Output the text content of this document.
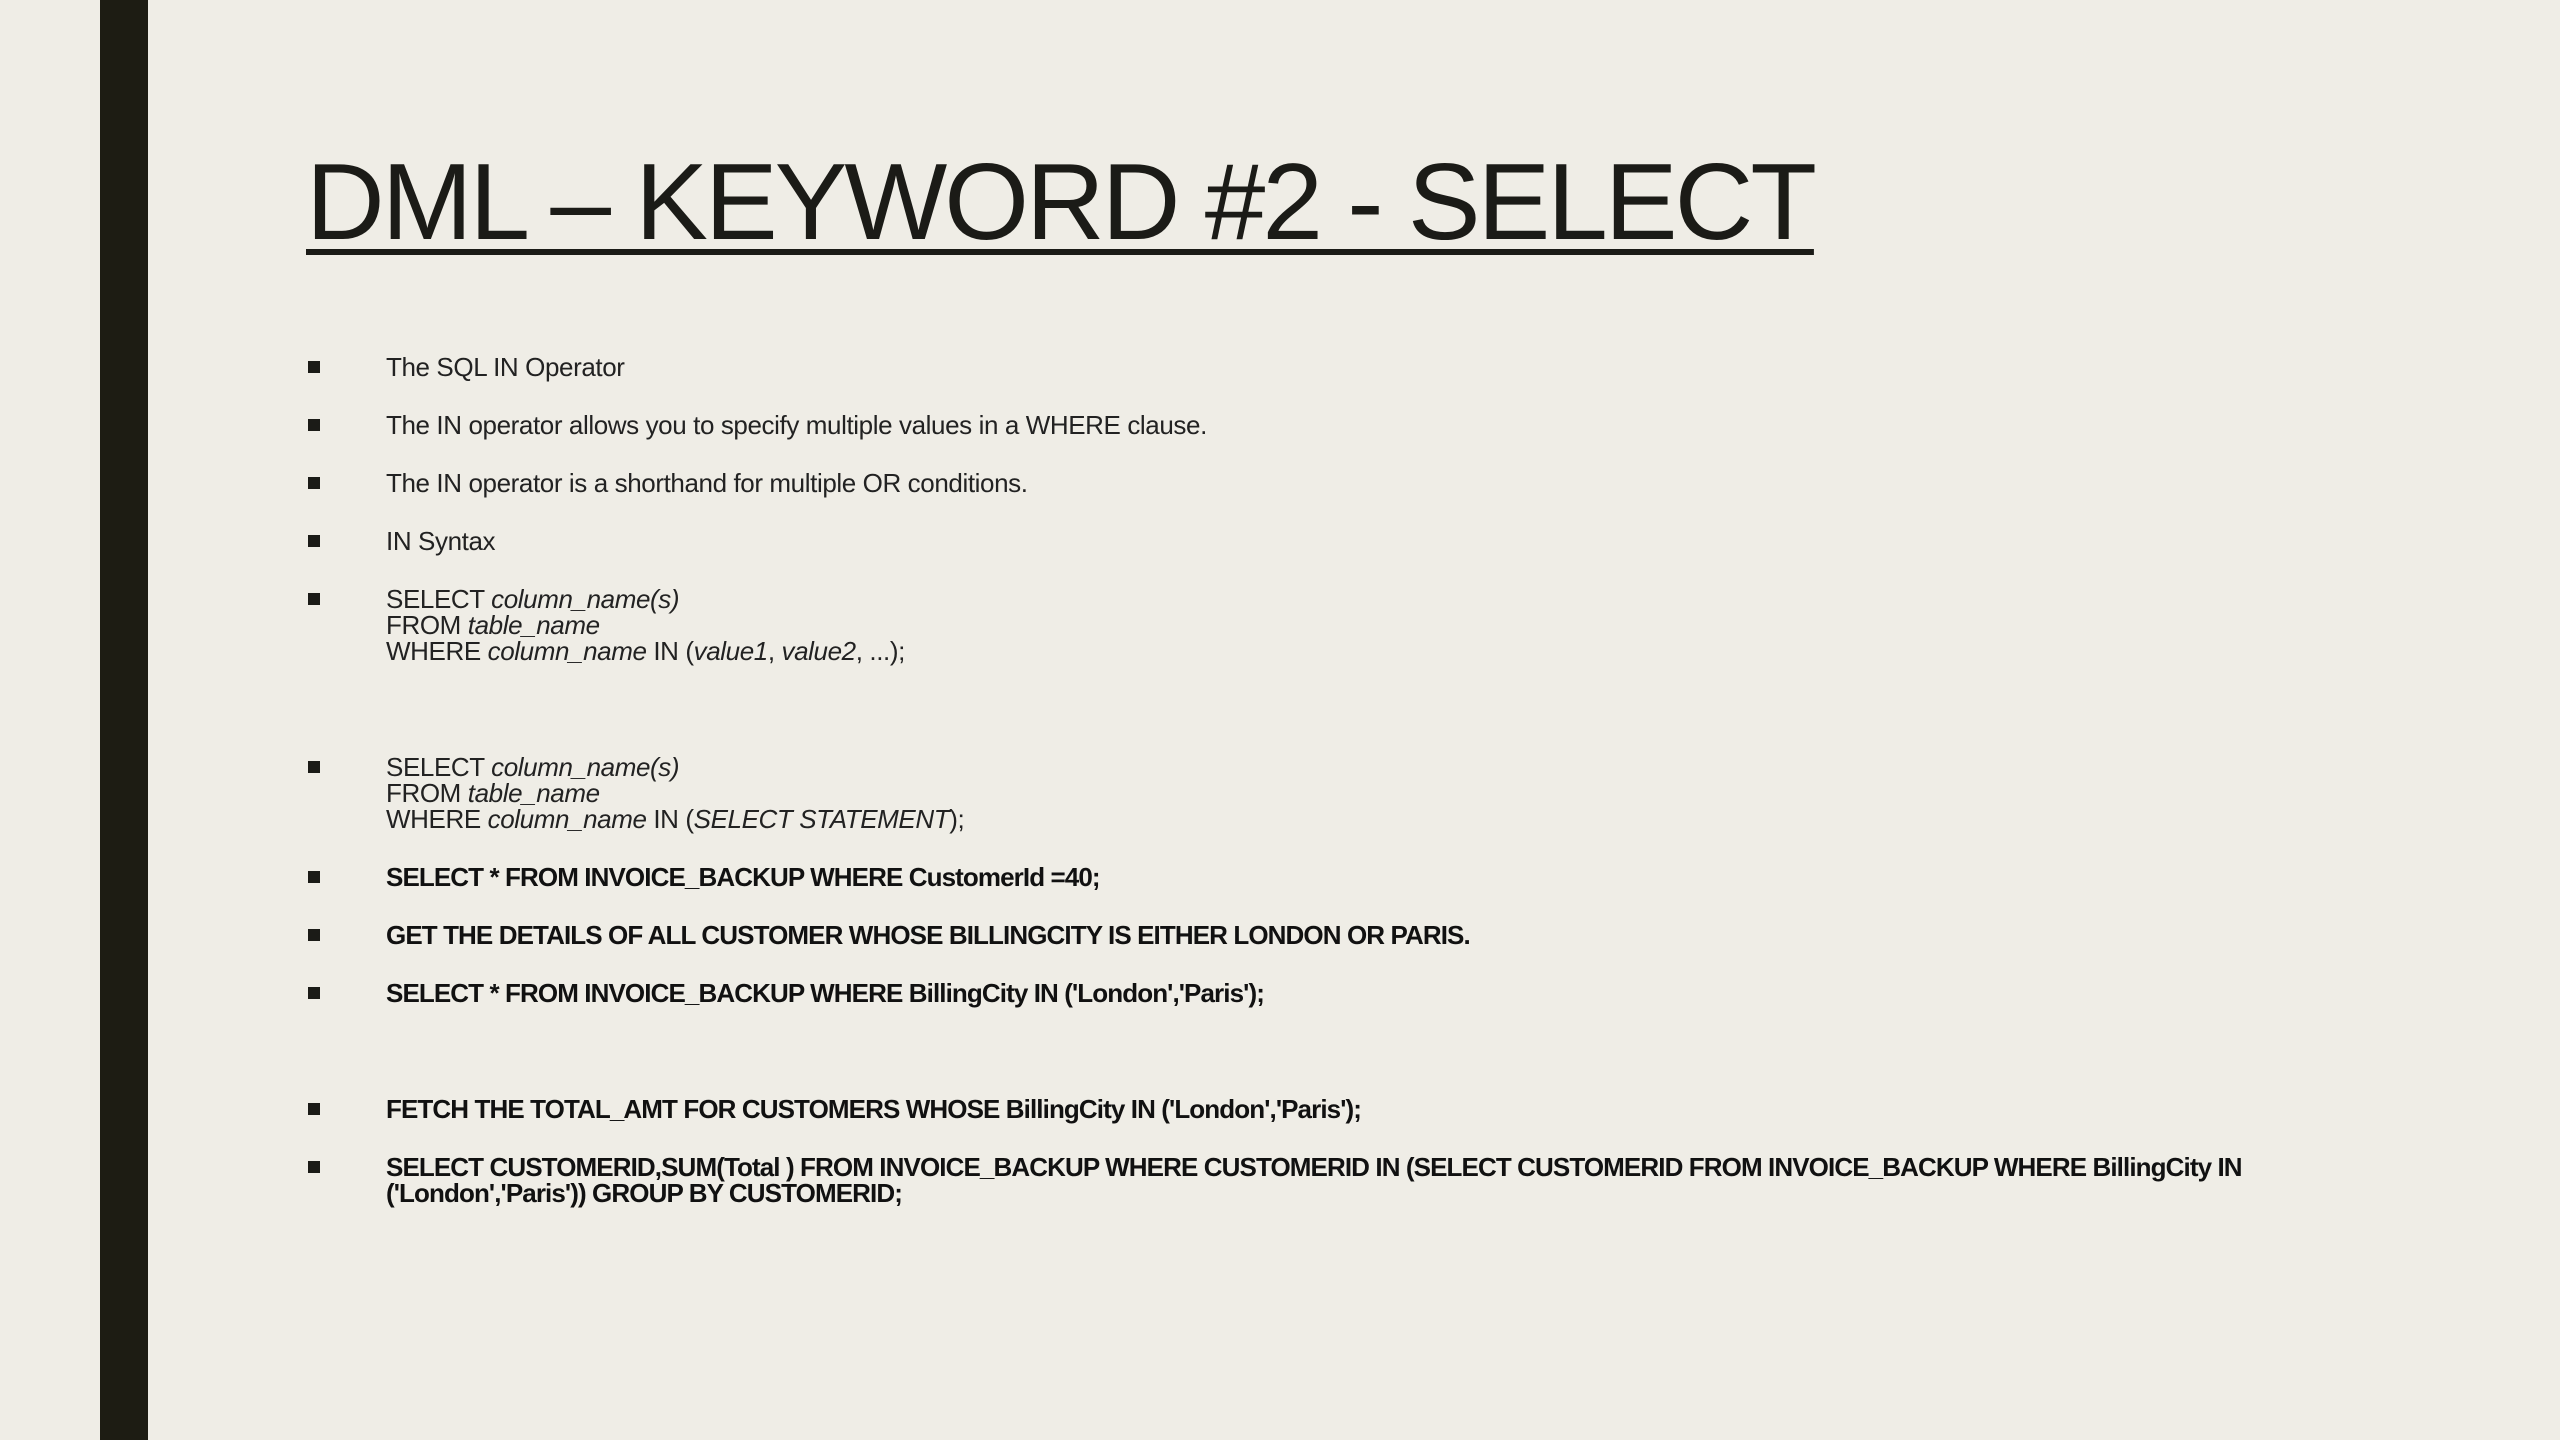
DML – KEYWORD #2 - SELECT
The SQL IN Operator
The IN operator allows you to specify multiple values in a WHERE clause.
The IN operator is a shorthand for multiple OR conditions.
IN Syntax
SELECT column_name(s)
FROM table_name
WHERE column_name IN (value1, value2, ...);
SELECT column_name(s)
FROM table_name
WHERE column_name IN (SELECT STATEMENT);
SELECT * FROM INVOICE_BACKUP WHERE CustomerId =40;
GET THE DETAILS OF ALL CUSTOMER WHOSE BILLINGCITY IS EITHER LONDON OR PARIS.
SELECT * FROM INVOICE_BACKUP WHERE BillingCity IN ('London','Paris');
FETCH THE TOTAL_AMT FOR CUSTOMERS WHOSE BillingCity IN ('London','Paris');
SELECT CUSTOMERID,SUM(Total ) FROM INVOICE_BACKUP WHERE CUSTOMERID IN (SELECT CUSTOMERID FROM INVOICE_BACKUP WHERE BillingCity IN ('London','Paris')) GROUP BY CUSTOMERID;
